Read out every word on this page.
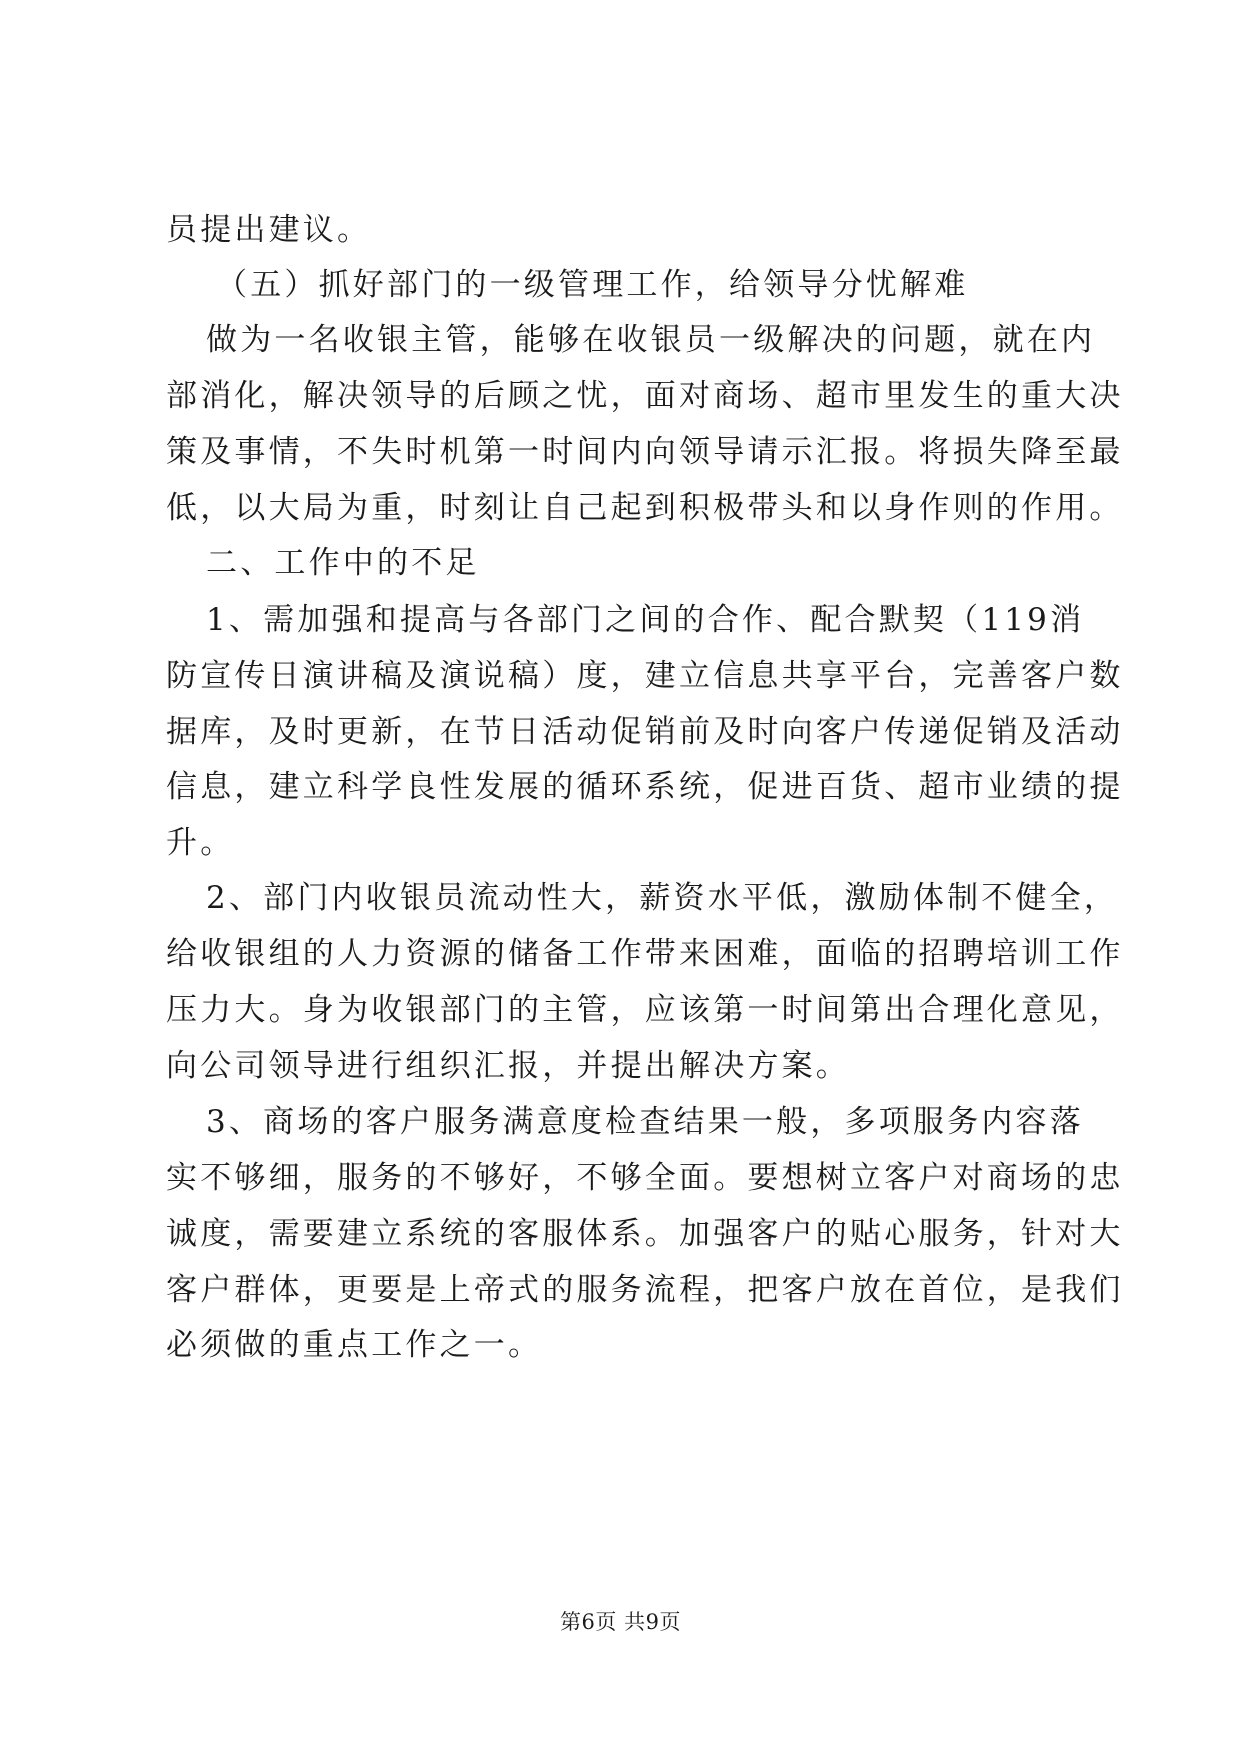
员提出建议。
（五）抓好部门的一级管理工作，给领导分忧解难
做为一名收银主管，能够在收银员一级解决的问题，就在内
部消化，解决领导的后顾之忧，面对商场、超市里发生的重大决
策及事情，不失时机第一时间内向领导请示汇报。将损失降至最
低，以大局为重，时刻让自己起到积极带头和以身作则的作用。
二、工作中的不足
1、需加强和提高与各部门之间的合作、配合默契（119消
防宣传日演讲稿及演说稿）度，建立信息共享平台，完善客户数
据库，及时更新，在节日活动促销前及时向客户传递促销及活动
信息，建立科学良性发展的循环系统，促进百货、超市业绩的提
升。
2、部门内收银员流动性大，薪资水平低，激励体制不健全，
给收银组的人力资源的储备工作带来困难，面临的招聘培训工作
压力大。身为收银部门的主管，应该第一时间第出合理化意见，
向公司领导进行组织汇报，并提出解决方案。
3、商场的客户服务满意度检查结果一般，多项服务内容落
实不够细，服务的不够好，不够全面。要想树立客户对商场的忠
诚度，需要建立系统的客服体系。加强客户的贴心服务，针对大
客户群体，更要是上帝式的服务流程，把客户放在首位，是我们
必须做的重点工作之一。
第6页 共9页
